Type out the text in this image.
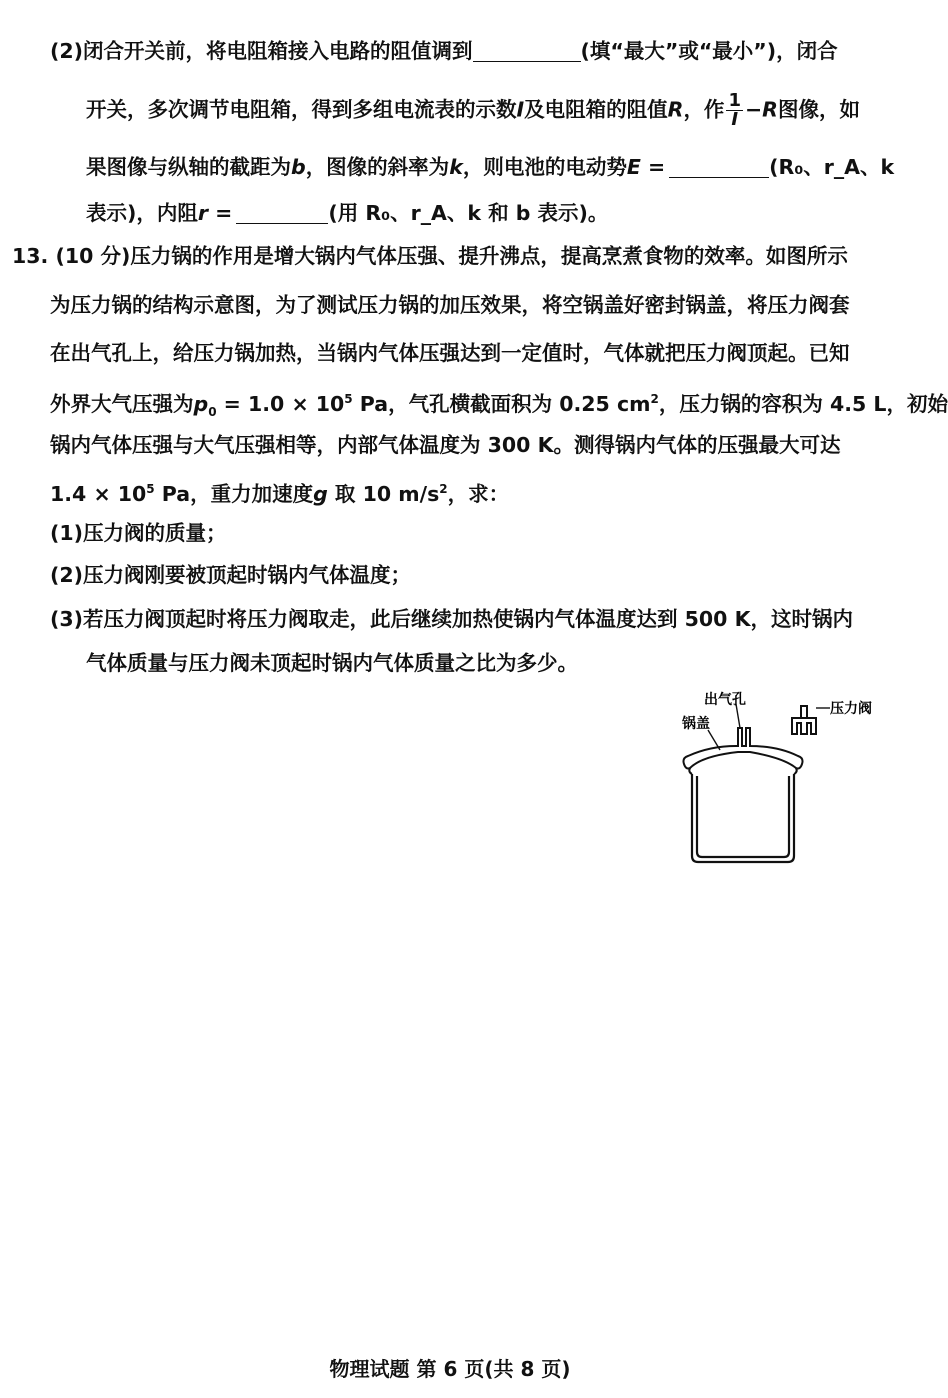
(2)闭合开关前，将电阻箱接入电路的阻值调到	(填“最大”或“最小”)，闭合
开关，多次调节电阻箱，得到多组电流表的示数I及电阻箱的阻值R，作 $\frac{1}{I} -R$图像，如
果图像与纵轴的截距为b，图像的斜率为k，则电池的电动势E =	(R₀、r_A、k
表示)，内阻r =	(用 R₀、r_A、k 和 b 表示)。
13. (10 分)压力锅的作用是增大锅内气体压强、提升沸点，提高烹煮食物的效率。如图所示
为压力锅的结构示意图，为了测试压力锅的加压效果，将空锅盖好密封锅盖，将压力阀套
在出气孔上，给压力锅加热，当锅内气体压强达到一定值时，气体就把压力阀顶起。已知
外界大气压强为$p_0 = 1.0 \times 10^5$ Pa，气孔横截面积为 0.25 $cm^2$，压力锅的容积为 4.5 L，初始
锅内气体压强与大气压强相等，内部气体温度为 300 K。测得锅内气体的压强最大可达
$1.4 \times 10^5$ Pa，重力加速度g 取 10 $m/s^2$，求：
(1)压力阀的质量；
(2)压力阀刚要被顶起时锅内气体温度；
(3)若压力阀顶起时将压力阀取走，此后继续加热使锅内气体温度达到 500 K，这时锅内
气体质量与压力阀未顶起时锅内气体质量之比为多少。
出气孔
锅盖
压力阀
物理试题 第 6 页(共 8 页)
